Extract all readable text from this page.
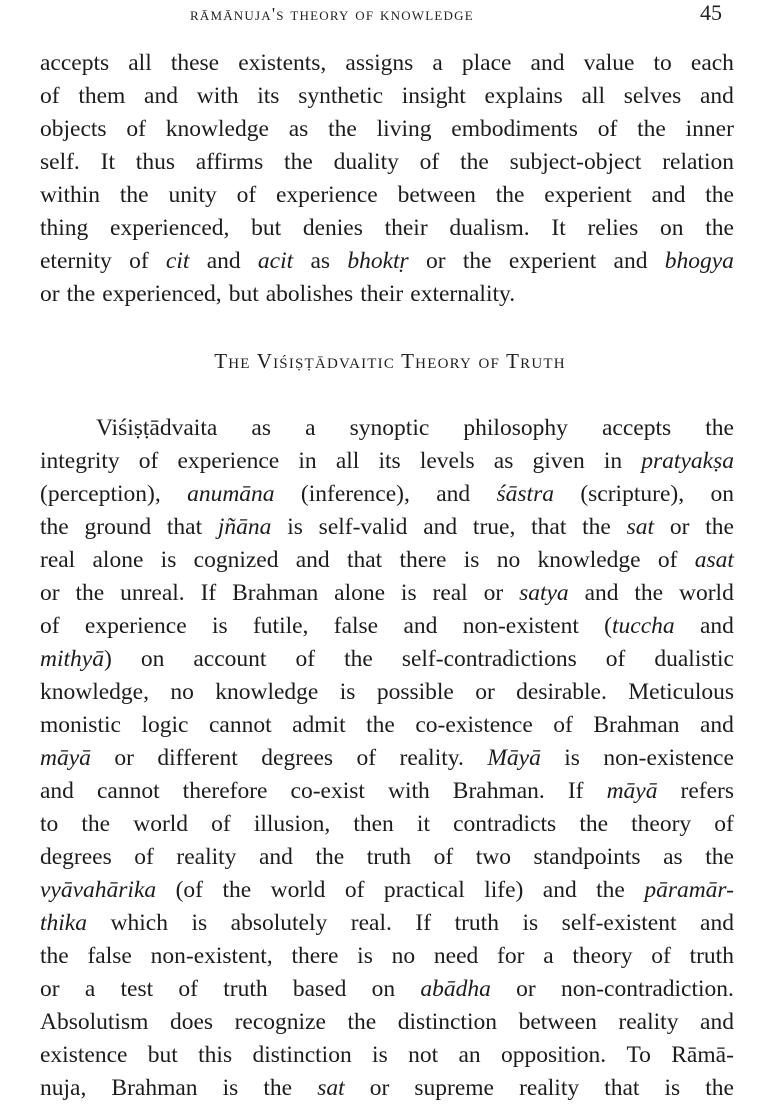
rāmānuja's theory of knowledge	45
accepts all these existents, assigns a place and value to each
of them and with its synthetic insight explains all selves and
objects of knowledge as the living embodiments of the inner
self. It thus affirms the duality of the subject-object relation
within the unity of experience between the experient and the
thing experienced, but denies their dualism. It relies on the
eternity of cit and acit as bhoktṛ or the experient and bhogya
or the experienced, but abolishes their externality.
The Viśiṣṭādvaitic Theory of Truth
Viśiṣṭādvaita as a synoptic philosophy accepts the
integrity of experience in all its levels as given in pratyakṣa
(perception), anumāna (inference), and śāstra (scripture), on
the ground that jñāna is self-valid and true, that the sat or the
real alone is cognized and that there is no knowledge of asat
or the unreal. If Brahman alone is real or satya and the world
of experience is futile, false and non-existent (tuccha and
mithyā) on account of the self-contradictions of dualistic
knowledge, no knowledge is possible or desirable. Meticulous
monistic logic cannot admit the co-existence of Brahman and
māyā or different degrees of reality. Māyā is non-existence
and cannot therefore co-exist with Brahman. If māyā refers
to the world of illusion, then it contradicts the theory of
degrees of reality and the truth of two standpoints as the
vyāvahārika (of the world of practical life) and the pāramār-
thika which is absolutely real. If truth is self-existent and
the false non-existent, there is no need for a theory of truth
or a test of truth based on abādha or non-contradiction.
Absolutism does recognize the distinction between reality and
existence but this distinction is not an opposition. To Rāmā-
nuja, Brahman is the sat or supreme reality that is the
